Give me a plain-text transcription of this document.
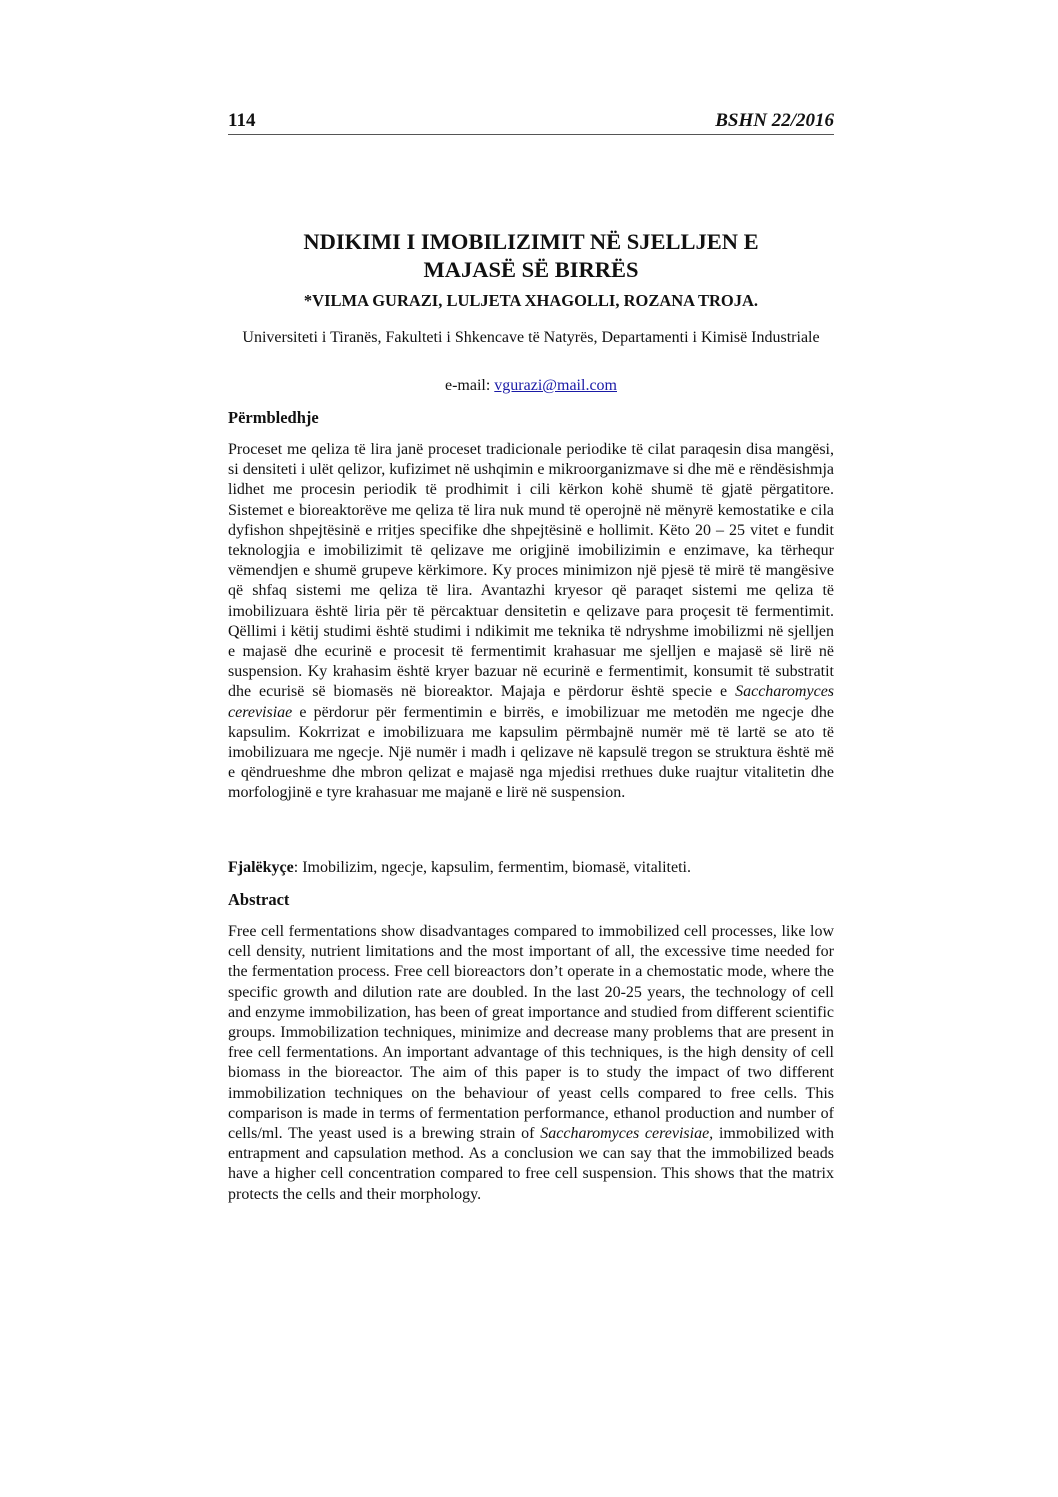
114	BSHN 22/2016
NDIKIMI I IMOBILIZIMIT NË SJELLJEN E
MAJASË SË BIRRËS
*VILMA GURAZI, LULJETA XHAGOLLI, ROZANA TROJA.
Universiteti i Tiranës, Fakulteti i Shkencave të Natyrës, Departamenti i Kimisë Industriale
e-mail: vgurazi@mail.com
Përmbledhje

Proceset me qeliza të lira janë proceset tradicionale periodike të cilat paraqesin disa mangësi, si densiteti i ulët qelizor, kufizimet në ushqimin e mikroorganizmave si dhe më e rëndësishmja lidhet me procesin periodik të prodhimit i cili kërkon kohë shumë të gjatë përgatitore. Sistemet e bioreaktorëve me qeliza të lira nuk mund të operojnë në mënyrë kemostatike e cila dyfishon shpejtësinë e rritjes specifike dhe shpejtësinë e hollimit. Këto 20 – 25 vitet e fundit teknologjia e imobilizimit të qelizave me origjinë imobilizimin e enzimave, ka tërhequr vëmendjen e shumë grupeve kërkimore. Ky proces minimizon një pjesë të mirë të mangësive që shfaq sistemi me qeliza të lira. Avantazhi kryesor që paraqet sistemi me qeliza të imobilizuara është liria për të përcaktuar densitetin e qelizave para proçesit të fermentimit. Qëllimi i këtij studimi është studimi i ndikimit me teknika të ndryshme imobilizmi në sjelljen e majasë dhe ecurinë e procesit të fermentimit krahasuar me sjelljen e majasë së lirë në suspension. Ky krahasim është kryer bazuar në ecurinë e fermentimit, konsumit të substratit dhe ecurisë së biomasës në bioreaktor. Majaja e përdorur është specie e Saccharomyces cerevisiae e përdorur për fermentimin e birrës, e imobilizuar me metodën me ngecje dhe kapsulim. Kokrrizat e imobilizuara me kapsulim përmbajnë numër më të lartë se ato të imobilizuara me ngecje. Një numër i madh i qelizave në kapsulë tregon se struktura është më e qëndrueshme dhe mbron qelizat e majasë nga mjedisi rrethues duke ruajtur vitalitetin dhe morfologjinë e tyre krahasuar me majanë e lirë në suspension.

Fjalëkyçe: Imobilizim, ngecje, kapsulim, fermentim, biomasë, vitaliteti.
Abstract

Free cell fermentations show disadvantages compared to immobilized cell processes, like low cell density, nutrient limitations and the most important of all, the excessive time needed for the fermentation process. Free cell bioreactors don’t operate in a chemostatic mode, where the specific growth and dilution rate are doubled. In the last 20-25 years, the technology of cell and enzyme immobilization, has been of great importance and studied from different scientific groups. Immobilization techniques, minimize and decrease many problems that are present in free cell fermentations. An important advantage of this techniques, is the high density of cell biomass in the bioreactor. The aim of this paper is to study the impact of two different immobilization techniques on the behaviour of yeast cells compared to free cells. This comparison is made in terms of fermentation performance, ethanol production and number of cells/ml. The yeast used is a brewing strain of Saccharomyces cerevisiae, immobilized with entrapment and capsulation method. As a conclusion we can say that the immobilized beads have a higher cell concentration compared to free cell suspension. This shows that the matrix protects the cells and their morphology.
